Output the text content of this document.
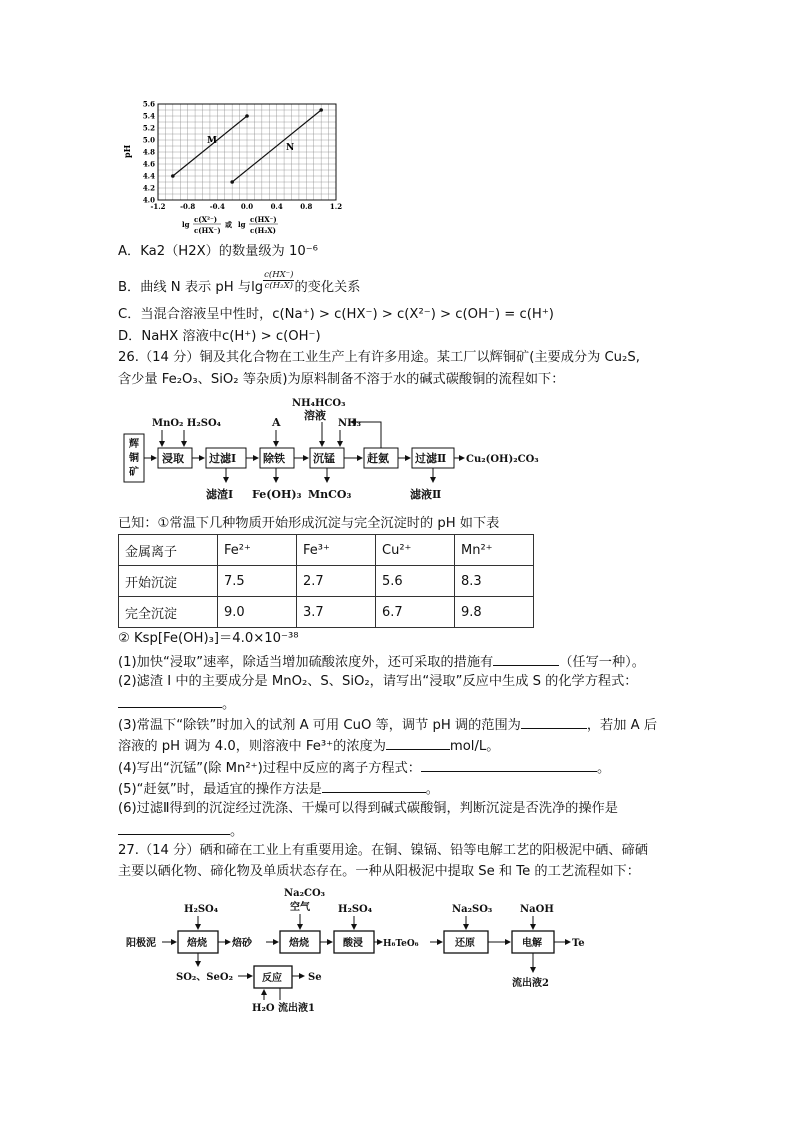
5.6
5.4
5.2
5.0
4.8
4.6
4.4
4.2
4.0
-1.2 -0.8 -0.4 0.0 0.4 0.8 1.2
pH
M
N
lg
c(X²⁻)
c(HX⁻)
或 lg
c(HX⁻)
c(H₂X)
A．Ka2（H2X）的数量级为 10⁻⁶
B．曲线 N 表示 pH 与$\lg \frac{c(HX^-)}{\text{c(H₂X)}}$ 的变化关系
C．当混合溶液呈中性时，c(Na⁺) > c(HX⁻) > c(X²⁻) > c(OH⁻) = c(H⁺)
D．NaHX 溶液中c(H⁺) > c(OH⁻)
26.（14 分）铜及其化合物在工业生产上有许多用途。某工厂以辉铜矿(主要成分为 Cu₂S,
含少量 Fe₂O₃、SiO₂ 等杂质)为原料制备不溶于水的碱式碳酸铜的流程如下：
辉铜矿
浸取
MnO₂ H₂SO₄
过滤Ⅰ
滤渣Ⅰ
除铁
A
Fe(OH)₃
沉锰
NH₄HCO₃
溶液
NH₃
MnCO₃
赶氨 过滤Ⅱ
滤液Ⅱ
Cu₂(OH)₂CO₃
已知：①常温下几种物质开始形成沉淀与完全沉淀时的 pH 如下表
金属离子	Fe²⁺	Fe³⁺	Cu²⁺	Mn²⁺
开始沉淀	7.5	2.7	5.6	8.3
完全沉淀	9.0	3.7	6.7	9.8
② Ksp[Fe(OH)₃]＝4.0×10⁻³⁸
(1)加快“浸取”速率，除适当增加硫酸浓度外，还可采取的措施有	（任写一种）。
(2)滤渣 I 中的主要成分是 MnO₂、S、SiO₂，请写出“浸取”反应中生成 S 的化学方程式：
。
(3)常温下“除铁”时加入的试剂 A 可用 CuO 等，调节 pH 调的范围为	，若加 A 后
溶液的 pH 调为 4.0，则溶液中 Fe³⁺的浓度为	mol/L。
(4)写出“沉锰”(除 Mn²⁺)过程中反应的离子方程式：	。
(5)“赶氨”时，最适宜的操作方法是	。
(6)过滤Ⅱ得到的沉淀经过洗涤、干燥可以得到碱式碳酸铜，判断沉淀是否洗净的操作是
。
27.（14 分）硒和碲在工业上有重要用途。在铜、镍镉、铅等电解工艺的阳极泥中硒、碲硒
主要以硒化物、碲化物及单质状态存在。一种从阳极泥中提取 Se 和 Te 的工艺流程如下：
阳极泥	焙烧
H₂SO₄
焙砂	焙烧
Na₂CO₃
空气
酸浸
H₂SO₄
H₆TeO₆	还原
Na₂SO₃
电解
NaOH
Te
流出液2
SO₂、SeO₂	反应	Se
H₂O 流出液1
